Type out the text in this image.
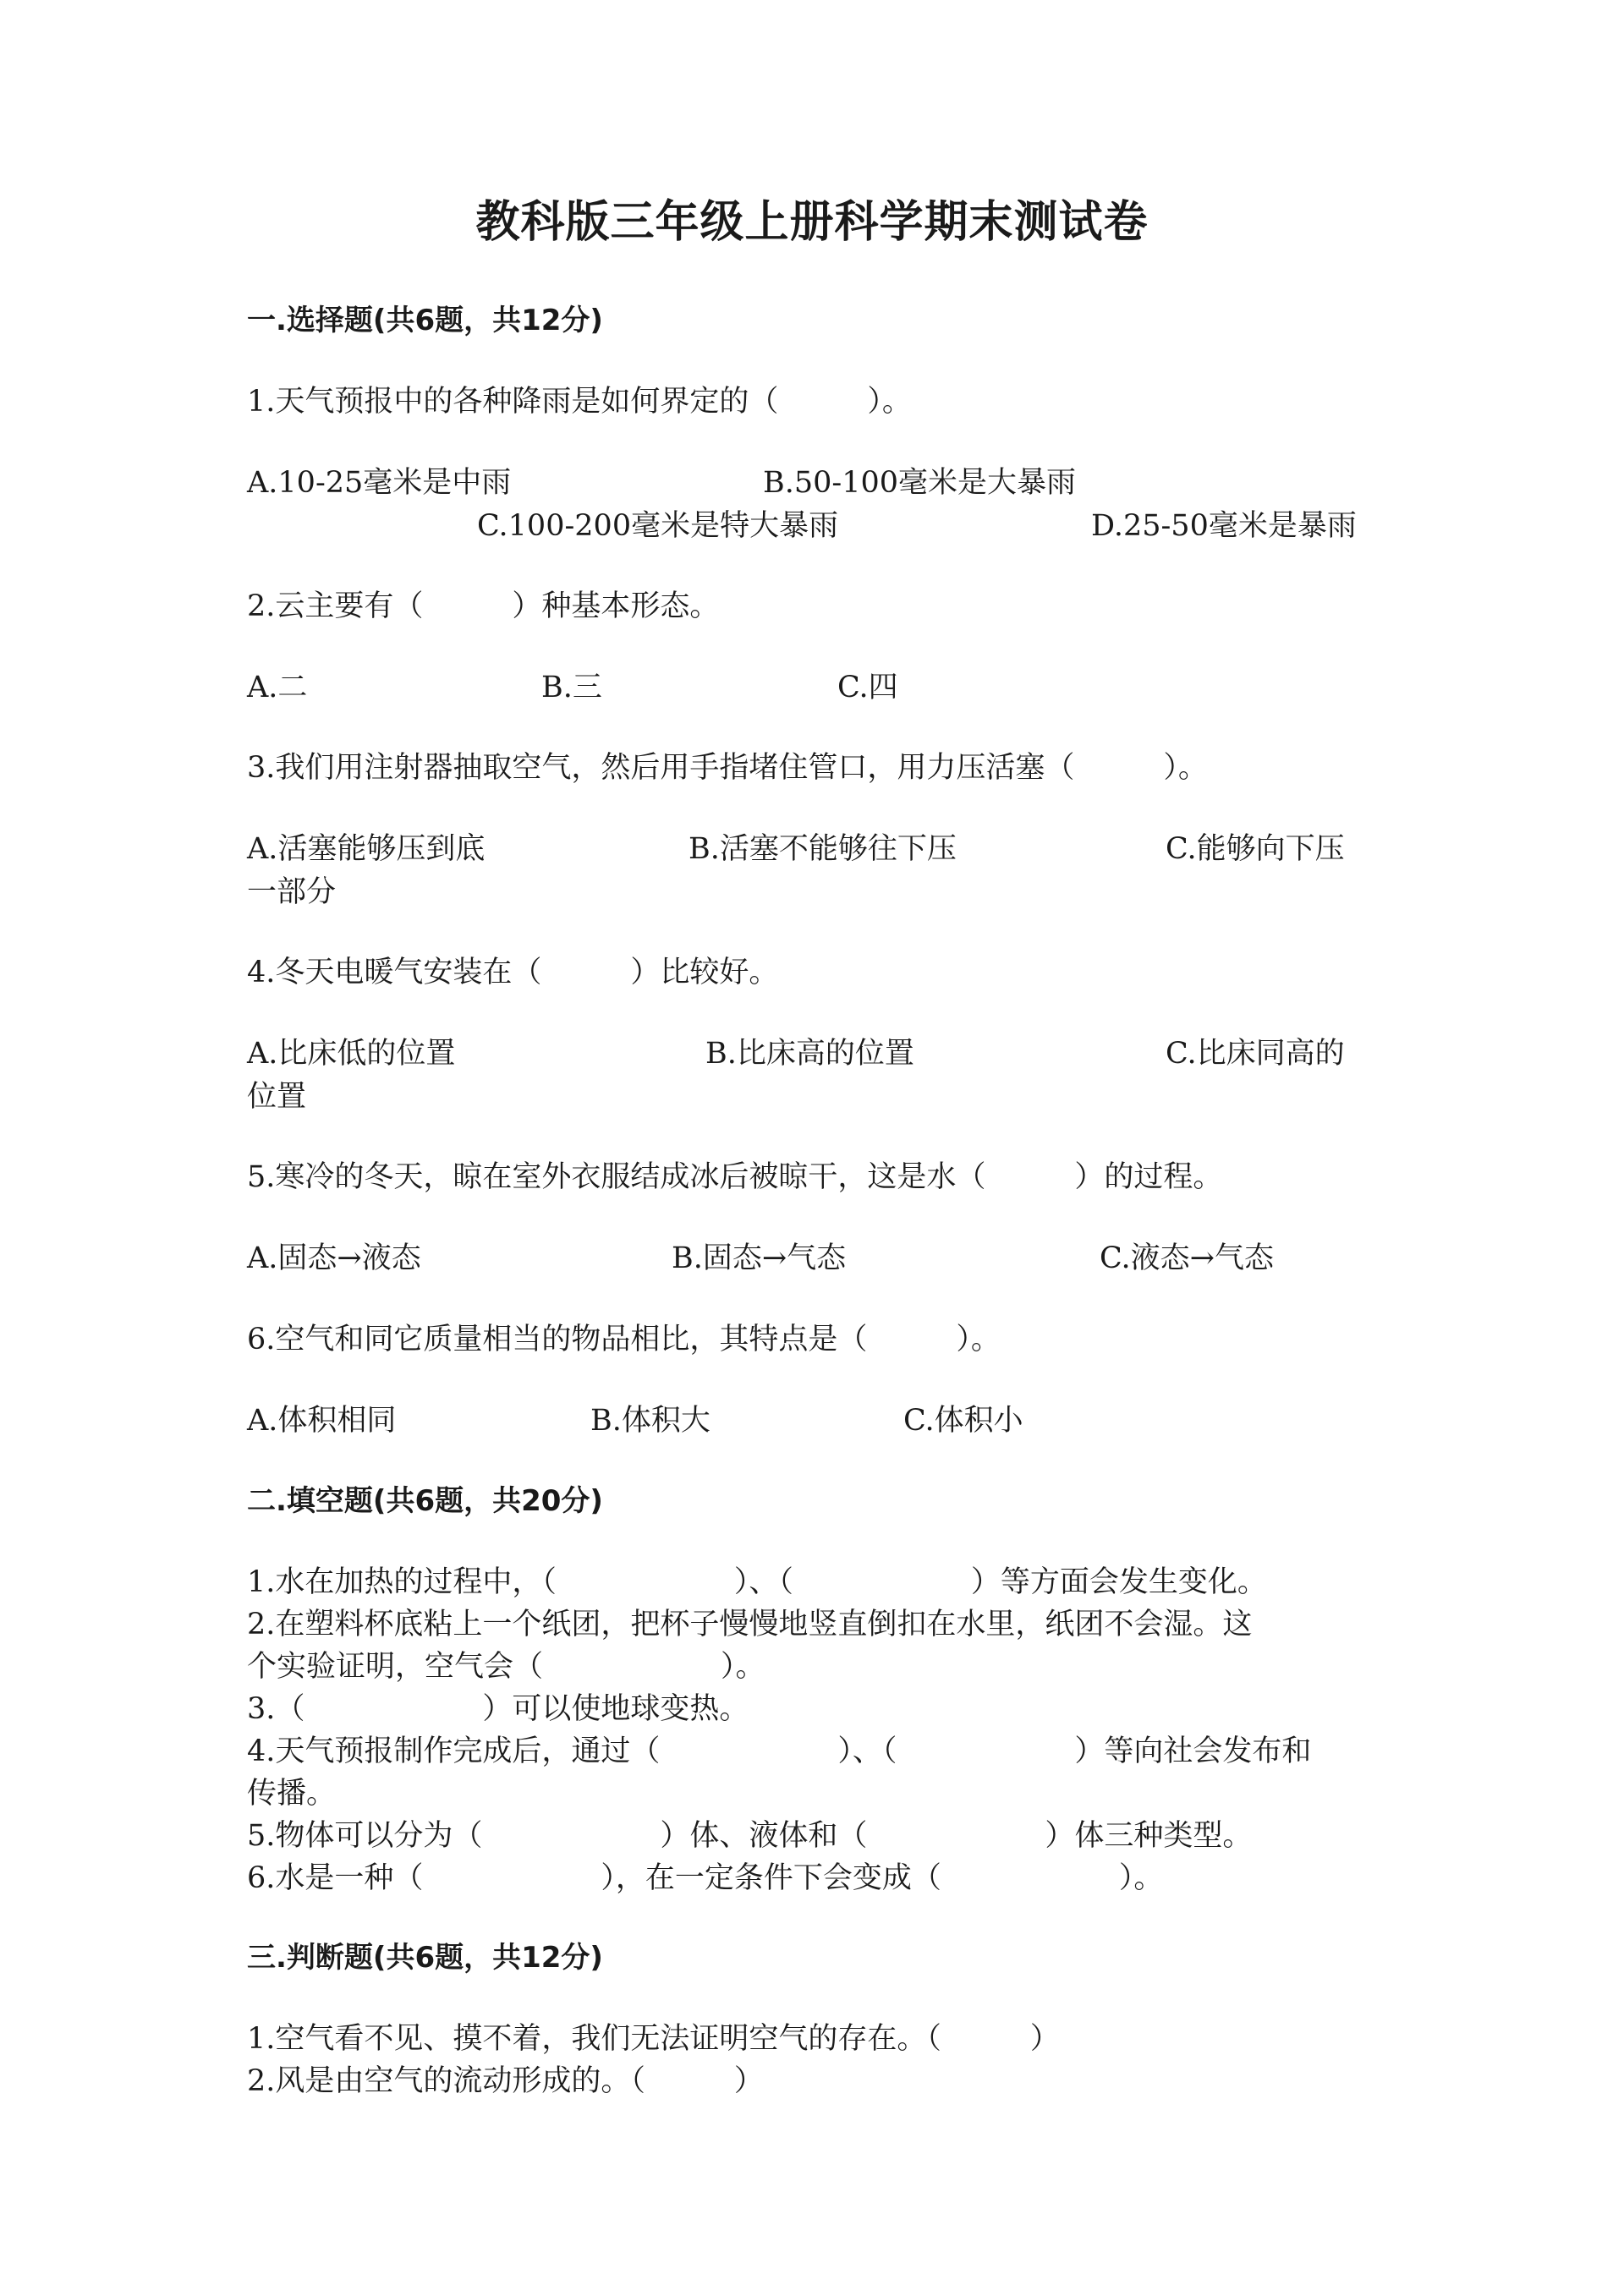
教科版三年级上册科学期末测试卷
一.选择题(共6题，共12分)
1.天气预报中的各种降雨是如何界定的（　　　）。
A.10-25毫米是中雨	B.50-100毫米是大暴雨
C.100-200毫米是特大暴雨	D.25-50毫米是暴雨
2.云主要有（　　　）种基本形态。
A.二	B.三	C.四
3.我们用注射器抽取空气，然后用手指堵住管口，用力压活塞（　　　）。
A.活塞能够压到底	B.活塞不能够往下压	C.能够向下压
一部分
4.冬天电暖气安装在（　　　）比较好。
A.比床低的位置	B.比床高的位置	C.比床同高的
位置
5.寒冷的冬天，晾在室外衣服结成冰后被晾干，这是水（　　　）的过程。
A.固态→液态	B.固态→气态	C.液态→气态
6.空气和同它质量相当的物品相比，其特点是（　　　）。
A.体积相同	B.体积大	C.体积小
二.填空题(共6题，共20分)
1.水在加热的过程中，（　　　　　　）、（　　　　　　）等方面会发生变化。
2.在塑料杯底粘上一个纸团，把杯子慢慢地竖直倒扣在水里，纸团不会湿。这
个实验证明，空气会（　　　　　　）。
3.（　　　　　　）可以使地球变热。
4.天气预报制作完成后，通过（　　　　　　）、（　　　　　　）等向社会发布和
传播。
5.物体可以分为（　　　　　　）体、液体和（　　　　　　）体三种类型。
6.水是一种（　　　　　　），在一定条件下会变成（　　　　　　）。
三.判断题(共6题，共12分)
1.空气看不见、摸不着，我们无法证明空气的存在。（　　　）
2.风是由空气的流动形成的。（　　　）
